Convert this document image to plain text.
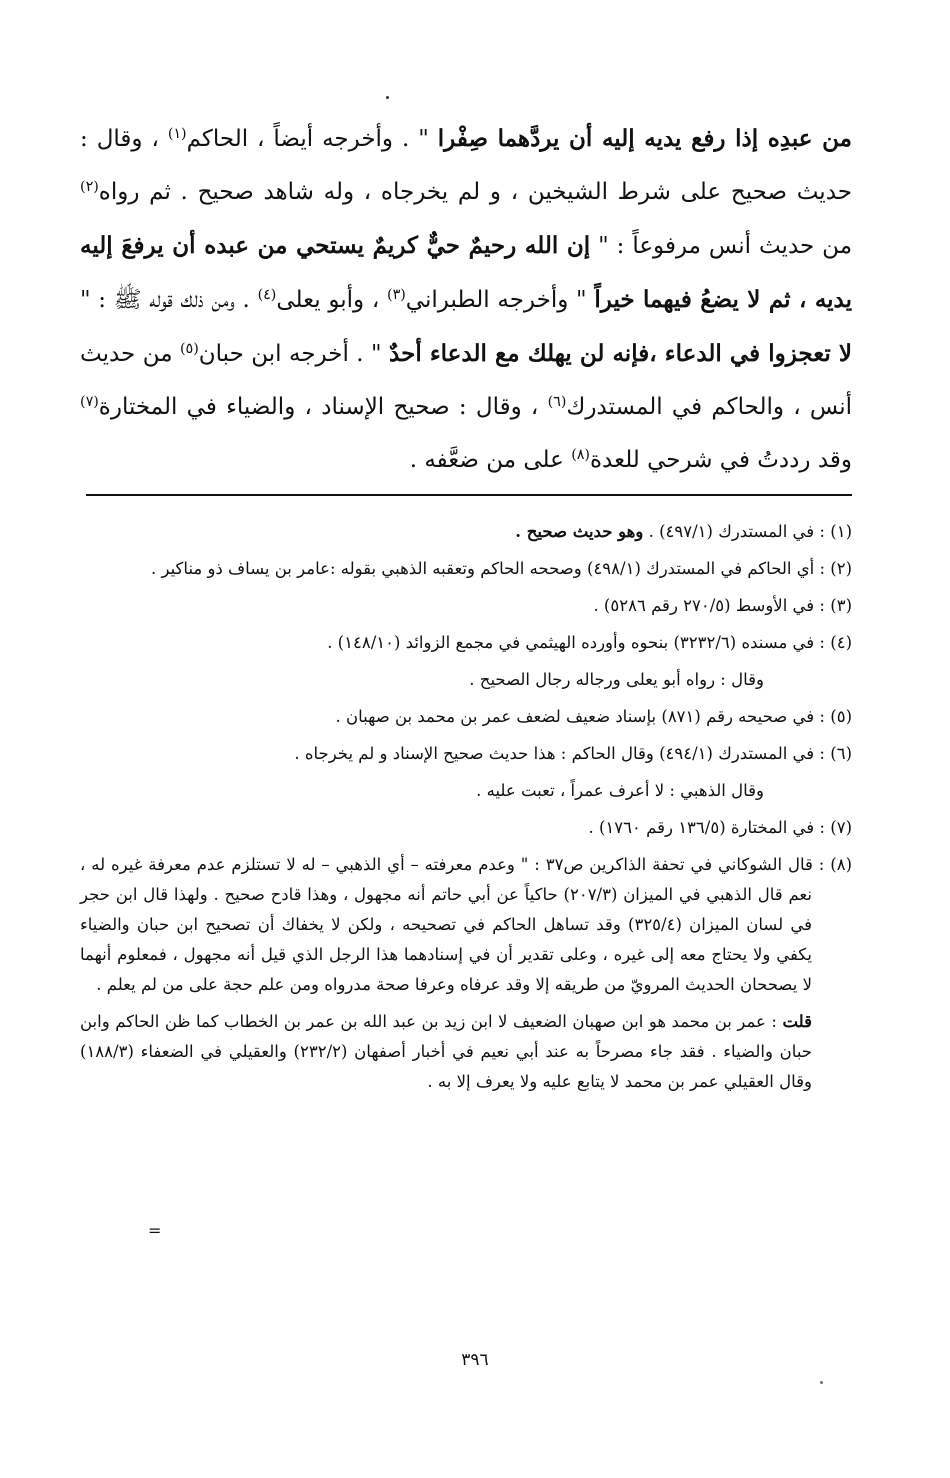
من عبدِه إذا رفع يديه إليه أن يردَّهما صِفْرا " . وأخرجه أيضاً ، الحاكم$^{(١)}$ ، وقال : حديث صحيح على شرط الشيخين ، و لم يخرجاه ، وله شاهد صحيح . ثم رواه$^{(٢)}$ من حديث أنس مرفوعاً : " إن الله رحيمٌ حيٌّ كريمٌ يستحي من عبده أن يرفعَ إليه يديه ، ثم لا يضعُ فيهما خيراً " وأخرجه الطبراني$^{(٣)}$ ، وأبو يعلى$^{(٤)}$ . ومن ذلك قوله ﷺ : " لا تعجزوا في الدعاء ،فإنه لن يهلك مع الدعاء أحدٌ " . أخرجه ابن حبان$^{(٥)}$ من حديث أنس ، والحاكم في المستدرك$^{(٦)}$ ، وقال : صحيح الإسناد ، والضياء في المختارة$^{(٧)}$ وقد رددتُ في شرحي للعدة$^{(٨)}$ على من ضعَّفه .

(١) : في المستدرك (٤٩٧/١) . وهو حديث صحيح .

(٢) : أي الحاكم في المستدرك (٤٩٨/١) وصححه الحاكم وتعقبه الذهبي بقوله :عامر بن يساف ذو مناكير .

(٣) : في الأوسط (٢٧٠/٥ رقم ٥٢٨٦) .

(٤) : في مسنده (٣٢٣٢/٦) بنحوه وأورده الهيثمي في مجمع الزوائد (١٤٨/١٠) .

وقال : رواه أبو يعلى ورجاله رجال الصحيح .

(٥) : في صحيحه رقم (٨٧١) بإسناد ضعيف لضعف عمر بن محمد بن صهبان .

(٦) : في المستدرك (٤٩٤/١) وقال الحاكم : هذا حديث صحيح الإسناد و لم يخرجاه .

وقال الذهبي : لا أعرف عمراً ، تعبت عليه .

(٧) : في المختارة (١٣٦/٥ رقم ١٧٦٠) .

(٨) : قال الشوكاني في تحفة الذاكرين ص٣٧ : " وعدم معرفته – أي الذهبي – له لا تستلزم عدم معرفة غيره له ، نعم قال الذهبي في الميزان (٢٠٧/٣) حاكياً عن أبي حاتم أنه مجهول ، وهذا قادح صحيح . ولهذا قال ابن حجر في لسان الميزان (٣٢٥/٤) وقد تساهل الحاكم في تصحيحه ، ولكن لا يخفاك أن تصحيح ابن حبان والضياء يكفي ولا يحتاج معه إلى غيره ، وعلى تقدير أن في إسنادهما هذا الرجل الذي قيل أنه مجهول ، فمعلوم أنهما لا يصححان الحديث المرويّ من طريقه إلا وقد عرفاه وعرفا صحة مدرواه ومن علم حجة على من لم يعلم .

قلت : عمر بن محمد هو ابن صهبان الضعيف لا ابن زيد بن عبد الله بن عمر بن الخطاب كما ظن الحاكم وابن حبان والضياء . فقد جاء مصرحاً به عند أبي نعيم في أخبار أصفهان (٢٣٢/٢) والعقيلي في الضعفاء (١٨٨/٣) وقال العقيلي عمر بن محمد لا يتابع عليه ولا يعرف إلا به .

=
٣٩٦
